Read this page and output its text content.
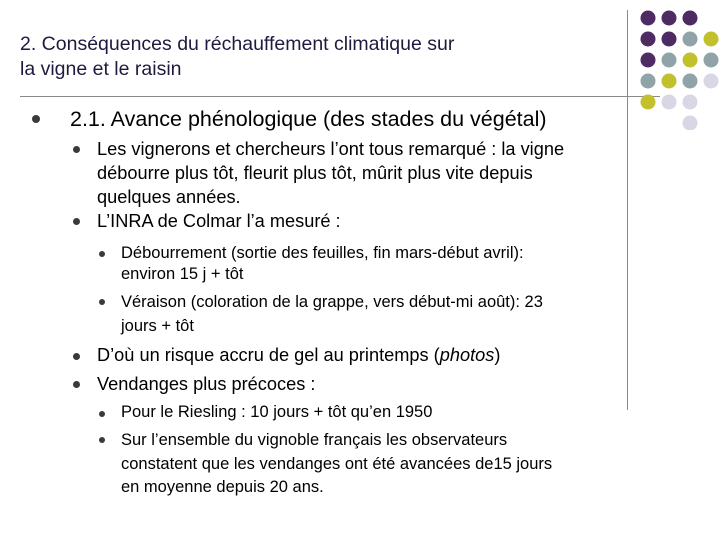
2. Conséquences du réchauffement climatique sur
la vigne et le raisin
2.1. Avance phénologique (des stades du végétal)
Les vignerons et chercheurs l’ont tous remarqué : la vigne
débourre plus tôt, fleurit plus tôt, mûrit plus vite depuis
quelques années.
L’INRA de Colmar l’a mesuré :
Débourrement (sortie des feuilles, fin mars-début avril):
environ 15 j + tôt
Véraison (coloration de la grappe, vers début-mi août): 23
jours + tôt
D’où un risque accru de gel au printemps (photos)
Vendanges plus précoces :
Pour le Riesling : 10 jours + tôt qu’en 1950
Sur l’ensemble du vignoble français les observateurs
constatent que les vendanges ont été avancées de15 jours
en moyenne depuis 20 ans.
